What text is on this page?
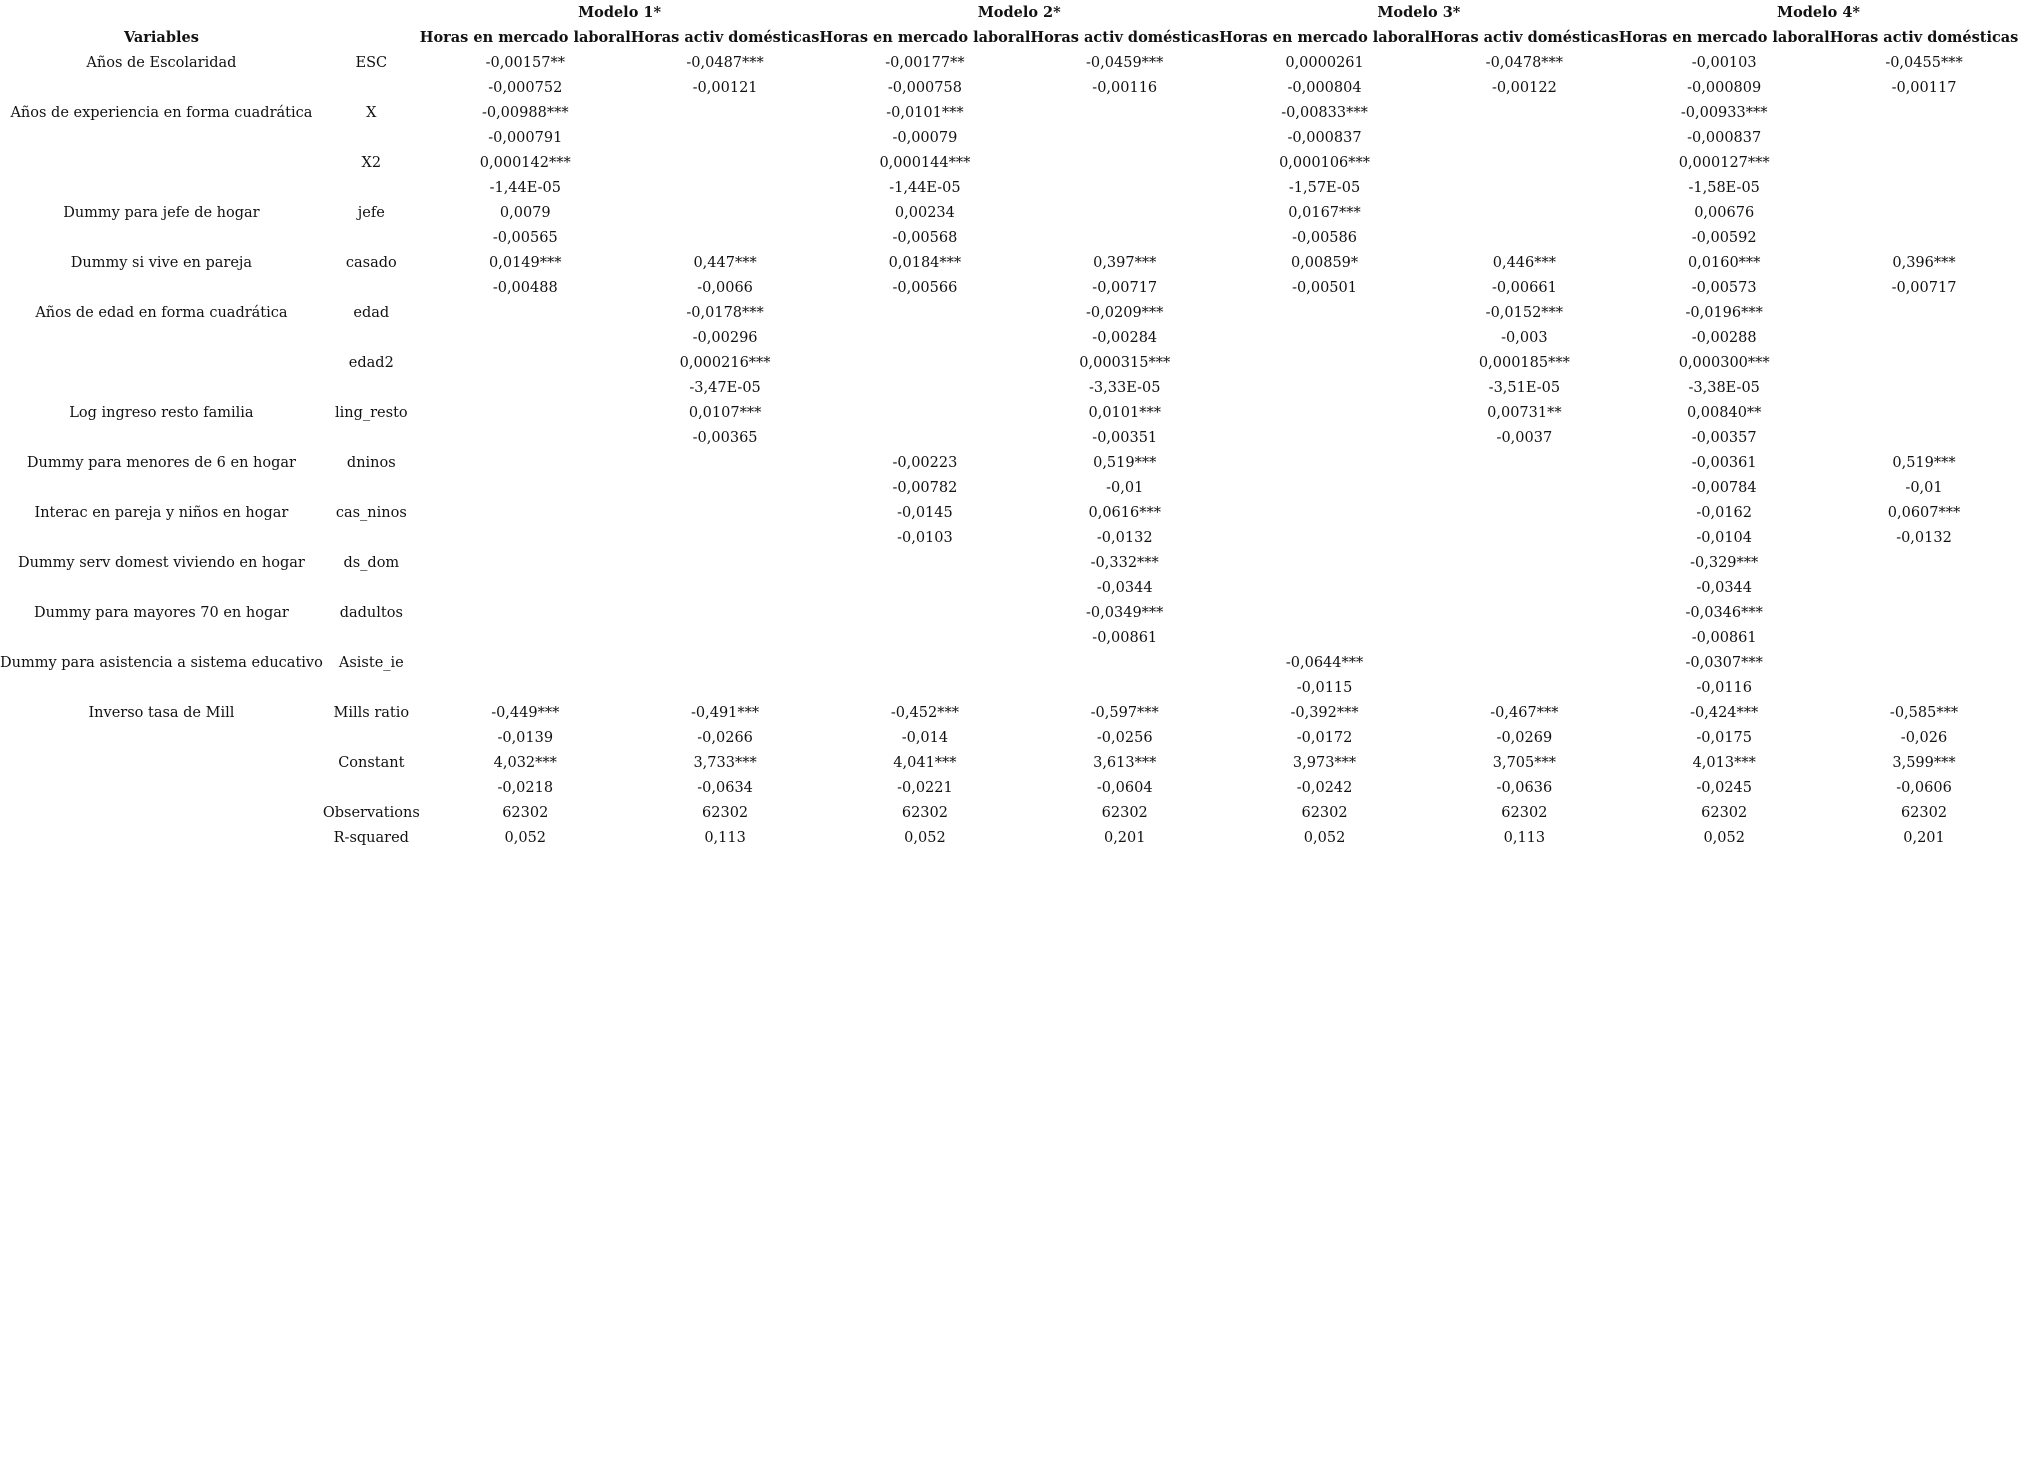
		Modelo 1*		Modelo 2*		Modelo 3*		Modelo 4*	
Variables		Horas en mercado laboral	Horas activ domésticas	Horas en mercado laboral	Horas activ domésticas	Horas en mercado laboral	Horas activ domésticas	Horas en mercado laboral	Horas activ domésticas
Años de Escolaridad	ESC	-0,00157**	-0,0487***	-0,00177**	-0,0459***	0,0000261	-0,0478***	-0,00103	-0,0455***
		-0,000752	-0,00121	-0,000758	-0,00116	-0,000804	-0,00122	-0,000809	-0,00117
Años de experiencia en forma cuadrática	X	-0,00988***		-0,0101***		-0,00833***		-0,00933***	
		-0,000791		-0,00079		-0,000837		-0,000837	
	X2	0,000142***		0,000144***		0,000106***		0,000127***	
		-1,44E-05		-1,44E-05		-1,57E-05		-1,58E-05	
Dummy para jefe de hogar	jefe	0,0079		0,00234		0,0167***		0,00676	
		-0,00565		-0,00568		-0,00586		-0,00592	
Dummy si vive en pareja	casado	0,0149***	0,447***	0,0184***	0,397***	0,00859*	0,446***	0,0160***	0,396***
		-0,00488	-0,0066	-0,00566	-0,00717	-0,00501	-0,00661	-0,00573	-0,00717
Años de edad en forma cuadrática	edad		-0,0178***		-0,0209***		-0,0152***	-0,0196***	
			-0,00296		-0,00284		-0,003	-0,00288	
	edad2		0,000216***		0,000315***		0,000185***	0,000300***	
			-3,47E-05		-3,33E-05		-3,51E-05	-3,38E-05	
Log ingreso resto familia	ling_resto		0,0107***		0,0101***		0,00731**	0,00840**	
			-0,00365		-0,00351		-0,0037	-0,00357	
Dummy para menores de 6 en hogar	dninos			-0,00223	0,519***			-0,00361	0,519***
				-0,00782	-0,01			-0,00784	-0,01
Interac en pareja y niños en hogar	cas_ninos			-0,0145	0,0616***			-0,0162	0,0607***
				-0,0103	-0,0132			-0,0104	-0,0132
Dummy serv domest viviendo en hogar	ds_dom				-0,332***			-0,329***	
					-0,0344			-0,0344	
Dummy para mayores 70 en hogar	dadultos				-0,0349***			-0,0346***	
					-0,00861			-0,00861	
Dummy para asistencia a sistema educativo	Asiste_ie					-0,0644***		-0,0307***	
						-0,0115		-0,0116	
Inverso tasa de Mill	Mills ratio	-0,449***	-0,491***	-0,452***	-0,597***	-0,392***	-0,467***	-0,424***	-0,585***
		-0,0139	-0,0266	-0,014	-0,0256	-0,0172	-0,0269	-0,0175	-0,026
	Constant	4,032***	3,733***	4,041***	3,613***	3,973***	3,705***	4,013***	3,599***
		-0,0218	-0,0634	-0,0221	-0,0604	-0,0242	-0,0636	-0,0245	-0,0606
	Observations	62302	62302	62302	62302	62302	62302	62302	62302
	R-squared	0,052	0,113	0,052	0,201	0,052	0,113	0,052	0,201
